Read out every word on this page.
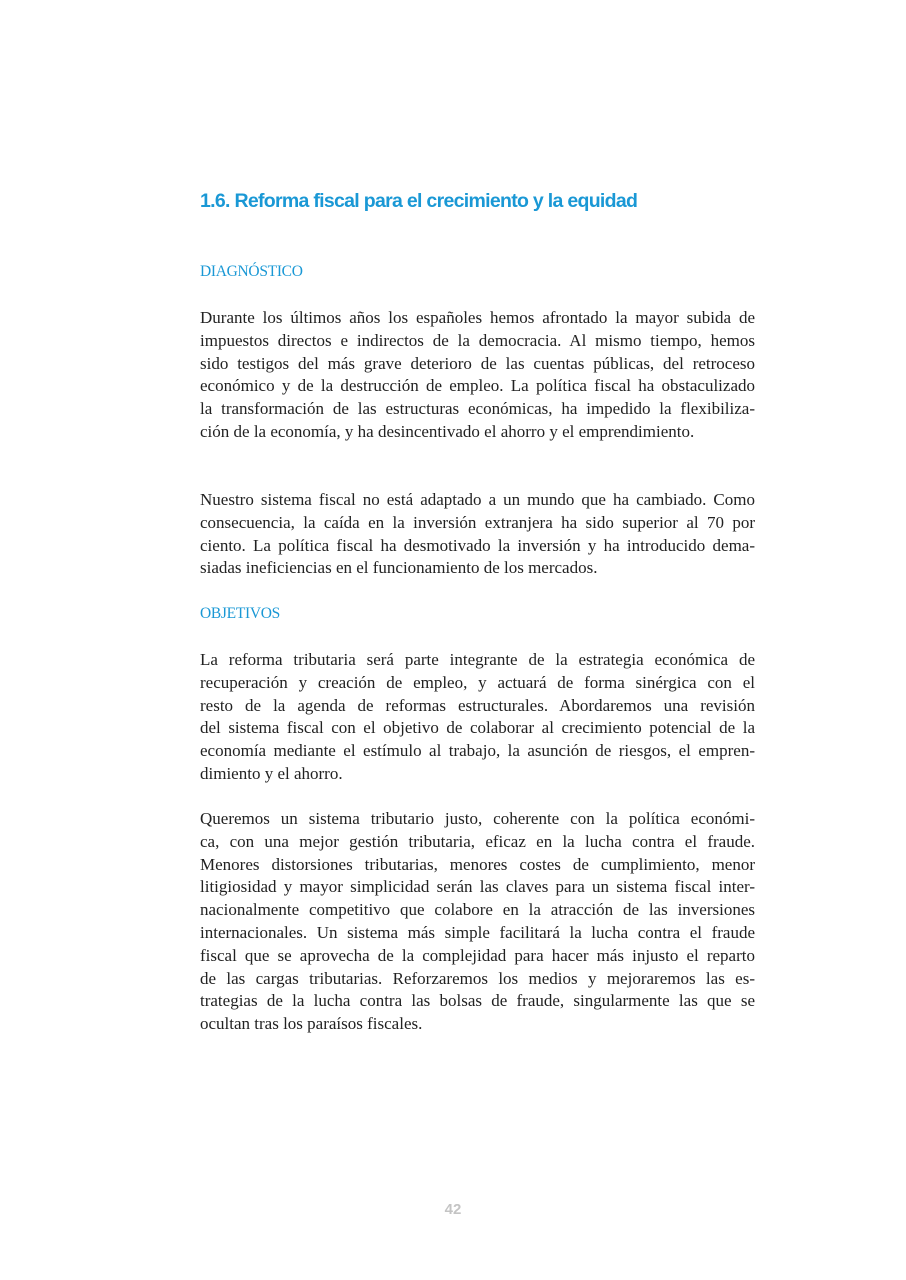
1.6. Reforma fiscal para el crecimiento y la equidad
DIAGNÓSTICO
Durante los últimos años los españoles hemos afrontado la mayor subida de
impuestos directos e indirectos de la democracia. Al mismo tiempo, hemos
sido testigos del más grave deterioro de las cuentas públicas, del retroceso
económico y de la destrucción de empleo. La política fiscal ha obstaculizado
la transformación de las estructuras económicas, ha impedido la flexibiliza-
ción de la economía, y ha desincentivado el ahorro y el emprendimiento.
Nuestro sistema fiscal no está adaptado a un mundo que ha cambiado. Como
consecuencia, la caída en la inversión extranjera ha sido superior al 70 por
ciento. La política fiscal ha desmotivado la inversión y ha introducido dema-
siadas ineficiencias en el funcionamiento de los mercados.
OBJETIVOS
La reforma tributaria será parte integrante de la estrategia económica de
recuperación y creación de empleo, y actuará de forma sinérgica con el
resto de la agenda de reformas estructurales. Abordaremos una revisión
del sistema fiscal con el objetivo de colaborar al crecimiento potencial de la
economía mediante el estímulo al trabajo, la asunción de riesgos, el empren-
dimiento y el ahorro.
Queremos un sistema tributario justo, coherente con la política económi-
ca, con una mejor gestión tributaria, eficaz en la lucha contra el fraude.
Menores distorsiones tributarias, menores costes de cumplimiento, menor
litigiosidad y mayor simplicidad serán las claves para un sistema fiscal inter-
nacionalmente competitivo que colabore en la atracción de las inversiones
internacionales. Un sistema más simple facilitará la lucha contra el fraude
fiscal que se aprovecha de la complejidad para hacer más injusto el reparto
de las cargas tributarias. Reforzaremos los medios y mejoraremos las es-
trategias de la lucha contra las bolsas de fraude, singularmente las que se
ocultan tras los paraísos fiscales.
42
